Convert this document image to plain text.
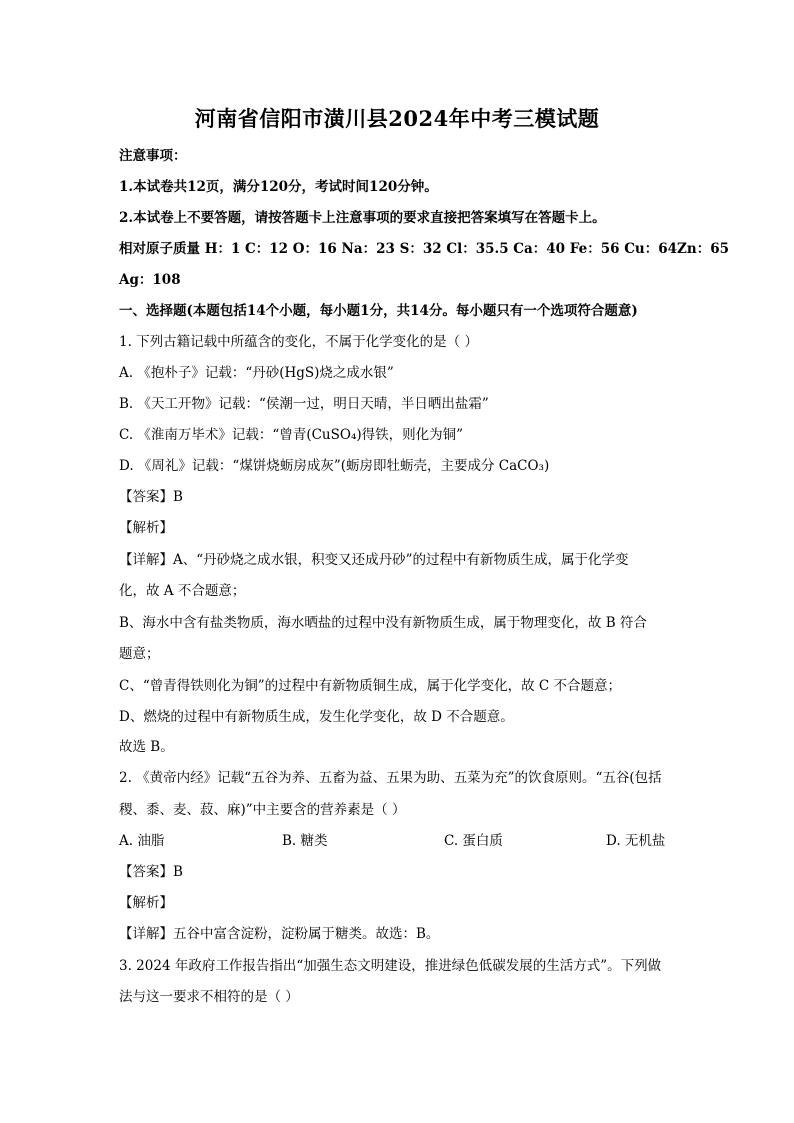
河南省信阳市潢川县2024年中考三模试题
注意事项：
1.本试卷共12页，满分120分，考试时间120分钟。
2.本试卷上不要答题，请按答题卡上注意事项的要求直接把答案填写在答题卡上。
相对原子质量 H：1 C：12 O：16 Na：23 S：32 Cl：35.5 Ca：40 Fe：56 Cu：64Zn：65
Ag：108
一、选择题(本题包括14个小题，每小题1分，共14分。每小题只有一个选项符合题意)
1. 下列古籍记载中所蕴含的变化，不属于化学变化的是（ ）
A. 《抱朴子》记载：“丹砂(HgS)烧之成水银”
B. 《天工开物》记载：“侯潮一过，明日天晴，半日晒出盐霜”
C. 《淮南万毕术》记载：“曾青(CuSO₄)得铁，则化为铜”
D. 《周礼》记载：“煤饼烧蛎房成灰”(蛎房即牡蛎壳，主要成分 CaCO₃)
【答案】B
【解析】
【详解】A、“丹砂烧之成水银，积变又还成丹砂”的过程中有新物质生成，属于化学变
化，故 A 不合题意；
B、海水中含有盐类物质，海水晒盐的过程中没有新物质生成，属于物理变化，故 B 符合
题意；
C、“曾青得铁则化为铜”的过程中有新物质铜生成，属于化学变化，故 C 不合题意；
D、燃烧的过程中有新物质生成，发生化学变化，故 D 不合题意。
故选 B。
2. 《黄帝内经》记载“五谷为养、五畜为益、五果为助、五菜为充”的饮食原则。“五谷(包括
稷、黍、麦、菽、麻)”中主要含的营养素是（ ）
A. 油脂	B. 糖类	C. 蛋白质	D. 无机盐
【答案】B
【解析】
【详解】五谷中富含淀粉，淀粉属于糖类。故选：B。
3. 2024 年政府工作报告指出“加强生态文明建设，推进绿色低碳发展的生活方式”。下列做
法与这一要求不相符的是（ ）
